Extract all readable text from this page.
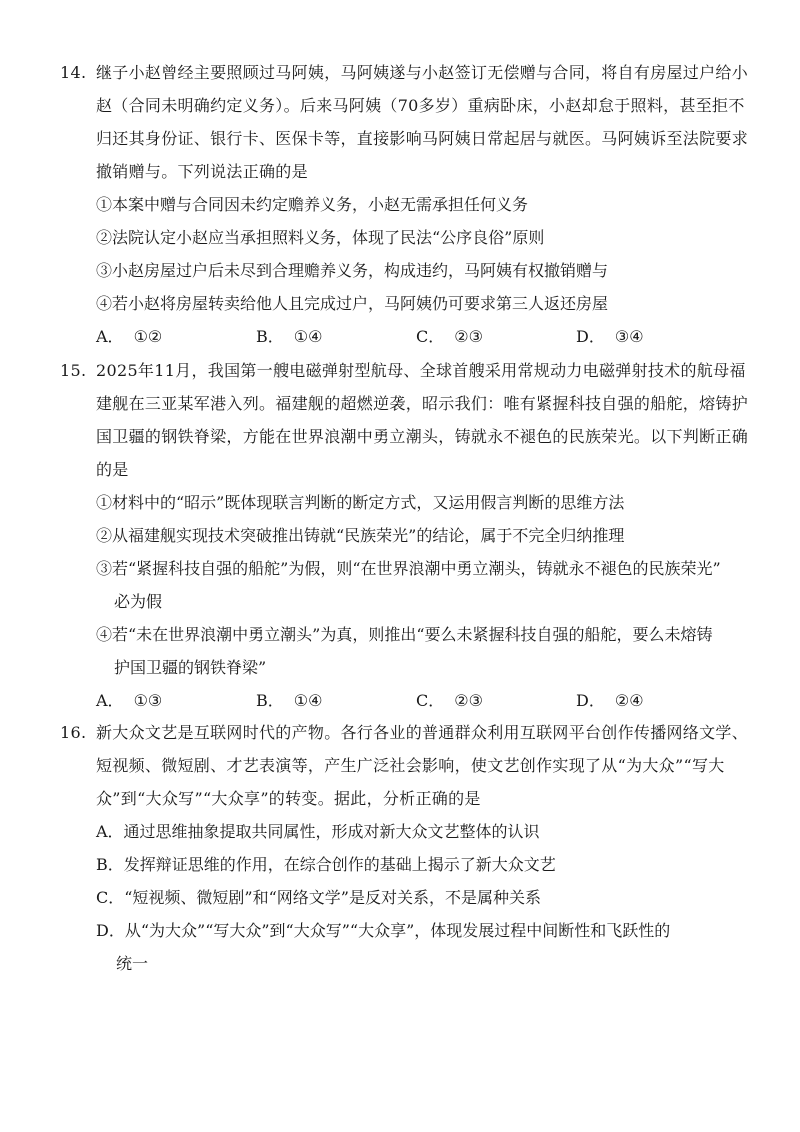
14. 继子小赵曾经主要照顾过马阿姨，马阿姨遂与小赵签订无偿赠与合同，将自有房屋过户给小
赵（合同未明确约定义务）。后来马阿姨（70多岁）重病卧床，小赵却怠于照料，甚至拒不
归还其身份证、银行卡、医保卡等，直接影响马阿姨日常起居与就医。马阿姨诉至法院要求
撤销赠与。下列说法正确的是
①本案中赠与合同因未约定赡养义务，小赵无需承担任何义务
②法院认定小赵应当承担照料义务，体现了民法“公序良俗”原则
③小赵房屋过户后未尽到合理赡养义务，构成违约，马阿姨有权撤销赠与
④若小赵将房屋转卖给他人且完成过户，马阿姨仍可要求第三人返还房屋
A． ①②	B． ①④	C． ②③	D． ③④
15. 2025年11月，我国第一艘电磁弹射型航母、全球首艘采用常规动力电磁弹射技术的航母福
建舰在三亚某军港入列。福建舰的超燃逆袭，昭示我们：唯有紧握科技自强的船舵，熔铸护
国卫疆的钢铁脊梁，方能在世界浪潮中勇立潮头，铸就永不褪色的民族荣光。以下判断正确
的是
①材料中的“昭示”既体现联言判断的断定方式，又运用假言判断的思维方法
②从福建舰实现技术突破推出铸就“民族荣光”的结论，属于不完全归纳推理
③若“紧握科技自强的船舵”为假，则“在世界浪潮中勇立潮头，铸就永不褪色的民族荣光”
必为假
④若“未在世界浪潮中勇立潮头”为真，则推出“要么未紧握科技自强的船舵，要么未熔铸
护国卫疆的钢铁脊梁”
A． ①③	B． ①④	C． ②③	D． ②④
16. 新大众文艺是互联网时代的产物。各行各业的普通群众利用互联网平台创作传播网络文学、
短视频、微短剧、才艺表演等，产生广泛社会影响，使文艺创作实现了从“为大众”“写大
众”到“大众写”“大众享”的转变。据此，分析正确的是
A．通过思维抽象提取共同属性，形成对新大众文艺整体的认识
B．发挥辩证思维的作用，在综合创作的基础上揭示了新大众文艺
C．“短视频、微短剧”和“网络文学”是反对关系，不是属种关系
D．从“为大众”“写大众”到“大众写”“大众享”，体现发展过程中间断性和飞跃性的
统一
